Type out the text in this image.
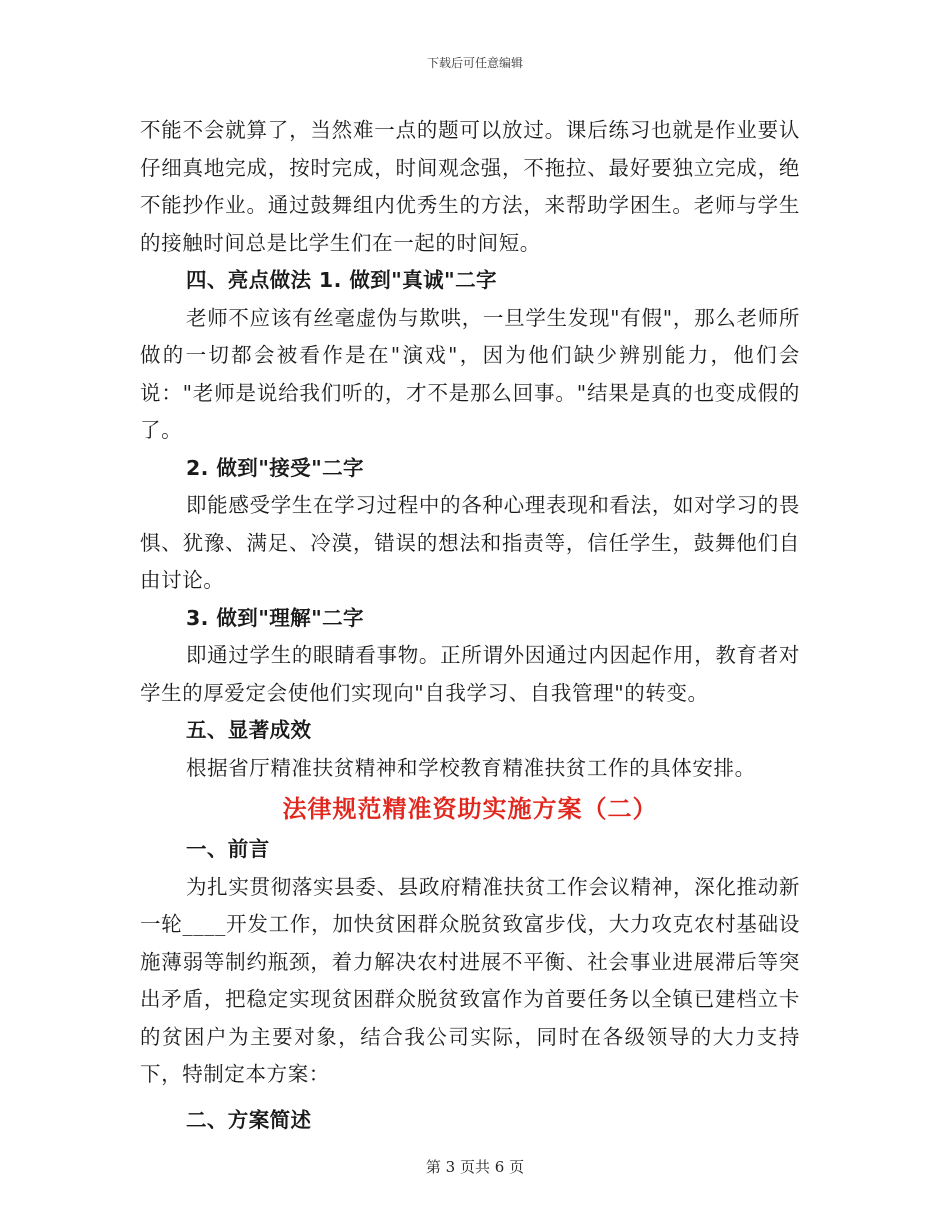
下载后可任意编辑

不能不会就算了，当然难一点的题可以放过。课后练习也就是作业要认仔细真地完成，按时完成，时间观念强，不拖拉、最好要独立完成，绝不能抄作业。通过鼓舞组内优秀生的方法，来帮助学困生。老师与学生的接触时间总是比学生们在一起的时间短。

四、亮点做法 1. 做到"真诚"二字

老师不应该有丝毫虚伪与欺哄，一旦学生发现"有假"，那么老师所做的一切都会被看作是在"演戏"，因为他们缺少辨别能力，他们会说："老师是说给我们听的，才不是那么回事。"结果是真的也变成假的了。

2. 做到"接受"二字

即能感受学生在学习过程中的各种心理表现和看法，如对学习的畏惧、犹豫、满足、冷漠，错误的想法和指责等，信任学生，鼓舞他们自由讨论。

3. 做到"理解"二字

即通过学生的眼睛看事物。正所谓外因通过内因起作用，教育者对学生的厚爱定会使他们实现向"自我学习、自我管理"的转变。

五、显著成效

根据省厅精准扶贫精神和学校教育精准扶贫工作的具体安排。

法律规范精准资助实施方案（二）

一、前言

为扎实贯彻落实县委、县政府精准扶贫工作会议精神，深化推动新一轮____开发工作，加快贫困群众脱贫致富步伐，大力攻克农村基础设施薄弱等制约瓶颈，着力解决农村进展不平衡、社会事业进展滞后等突出矛盾，把稳定实现贫困群众脱贫致富作为首要任务以全镇已建档立卡的贫困户为主要对象，结合我公司实际，同时在各级领导的大力支持下，特制定本方案：

二、方案简述

第 3 页共 6 页
